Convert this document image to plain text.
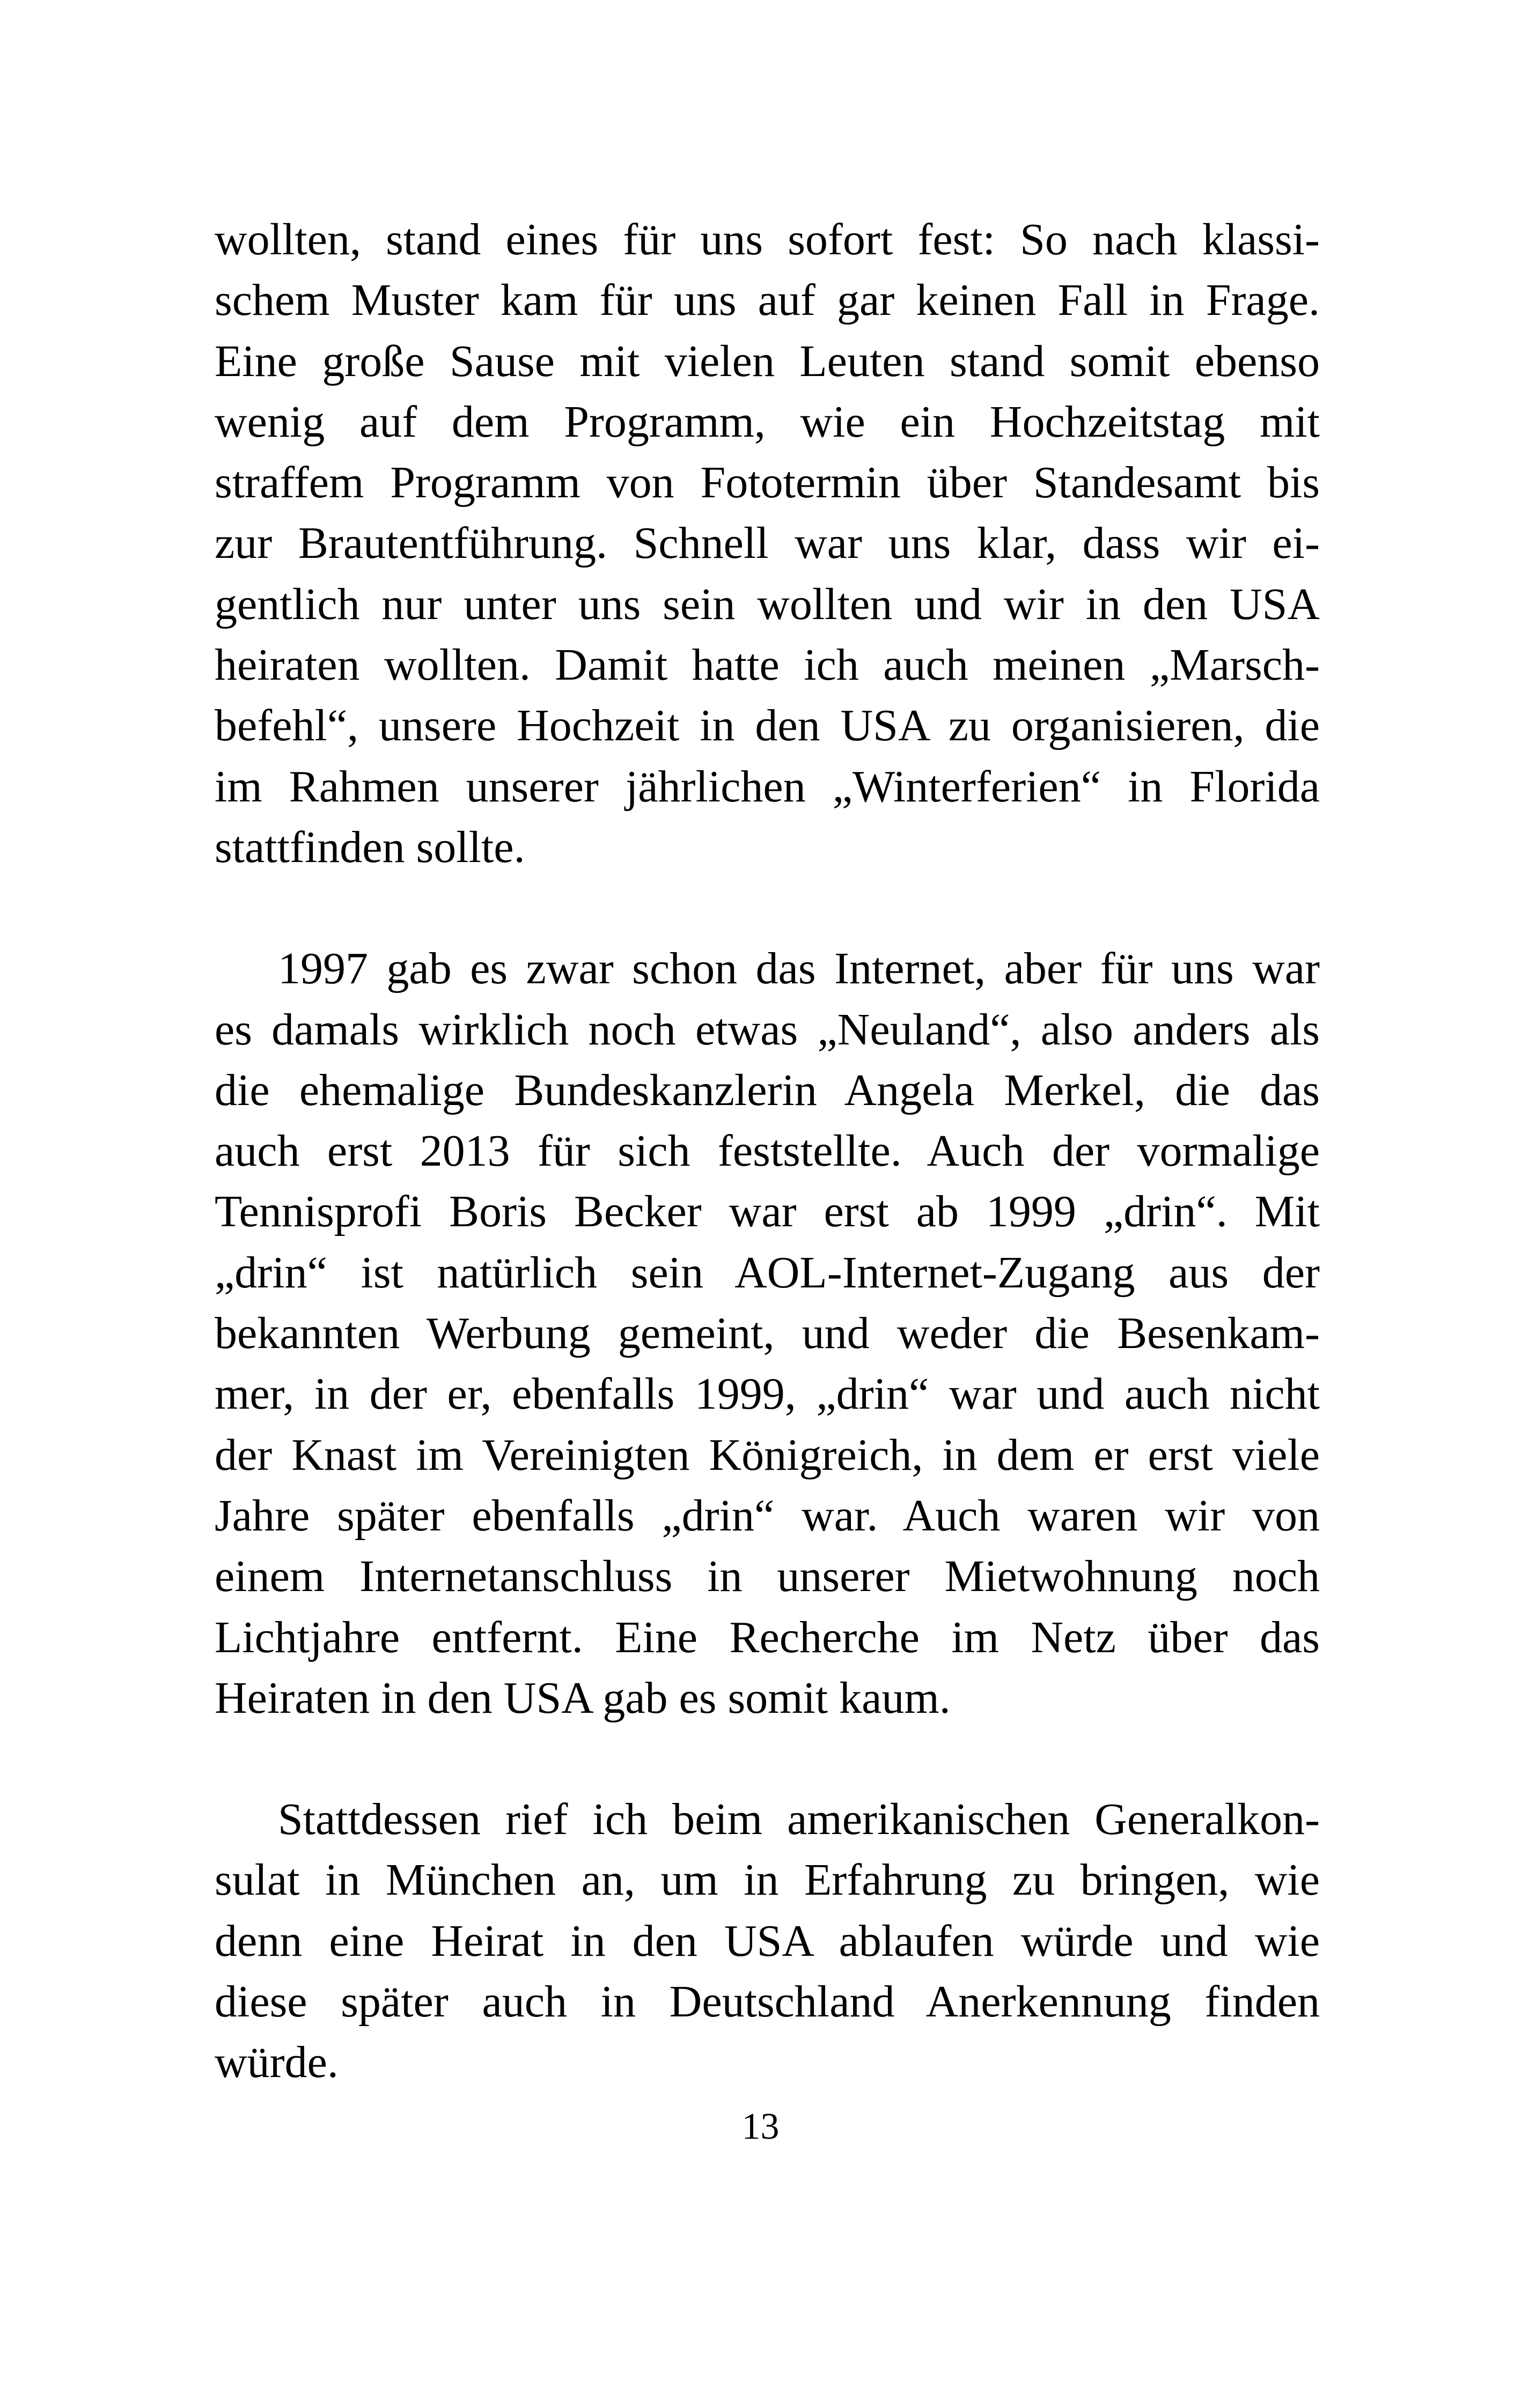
wollten, stand eines für uns sofort fest: So nach klassi-
schem Muster kam für uns auf gar keinen Fall in Frage.
Eine große Sause mit vielen Leuten stand somit ebenso
wenig auf dem Programm, wie ein Hochzeitstag mit
straffem Programm von Fototermin über Standesamt bis
zur Brautentführung. Schnell war uns klar, dass wir ei-
gentlich nur unter uns sein wollten und wir in den USA
heiraten wollten. Damit hatte ich auch meinen „Marsch-
befehl“, unsere Hochzeit in den USA zu organisieren, die
im Rahmen unserer jährlichen „Winterferien“ in Florida
stattfinden sollte.

1997 gab es zwar schon das Internet, aber für uns war
es damals wirklich noch etwas „Neuland“, also anders als
die ehemalige Bundeskanzlerin Angela Merkel, die das
auch erst 2013 für sich feststellte. Auch der vormalige
Tennisprofi Boris Becker war erst ab 1999 „drin“. Mit
„drin“ ist natürlich sein AOL-Internet-Zugang aus der
bekannten Werbung gemeint, und weder die Besenkam-
mer, in der er, ebenfalls 1999, „drin“ war und auch nicht
der Knast im Vereinigten Königreich, in dem er erst viele
Jahre später ebenfalls „drin“ war. Auch waren wir von
einem Internetanschluss in unserer Mietwohnung noch
Lichtjahre entfernt. Eine Recherche im Netz über das
Heiraten in den USA gab es somit kaum.

Stattdessen rief ich beim amerikanischen Generalkon-
sulat in München an, um in Erfahrung zu bringen, wie
denn eine Heirat in den USA ablaufen würde und wie
diese später auch in Deutschland Anerkennung finden
würde.

13
